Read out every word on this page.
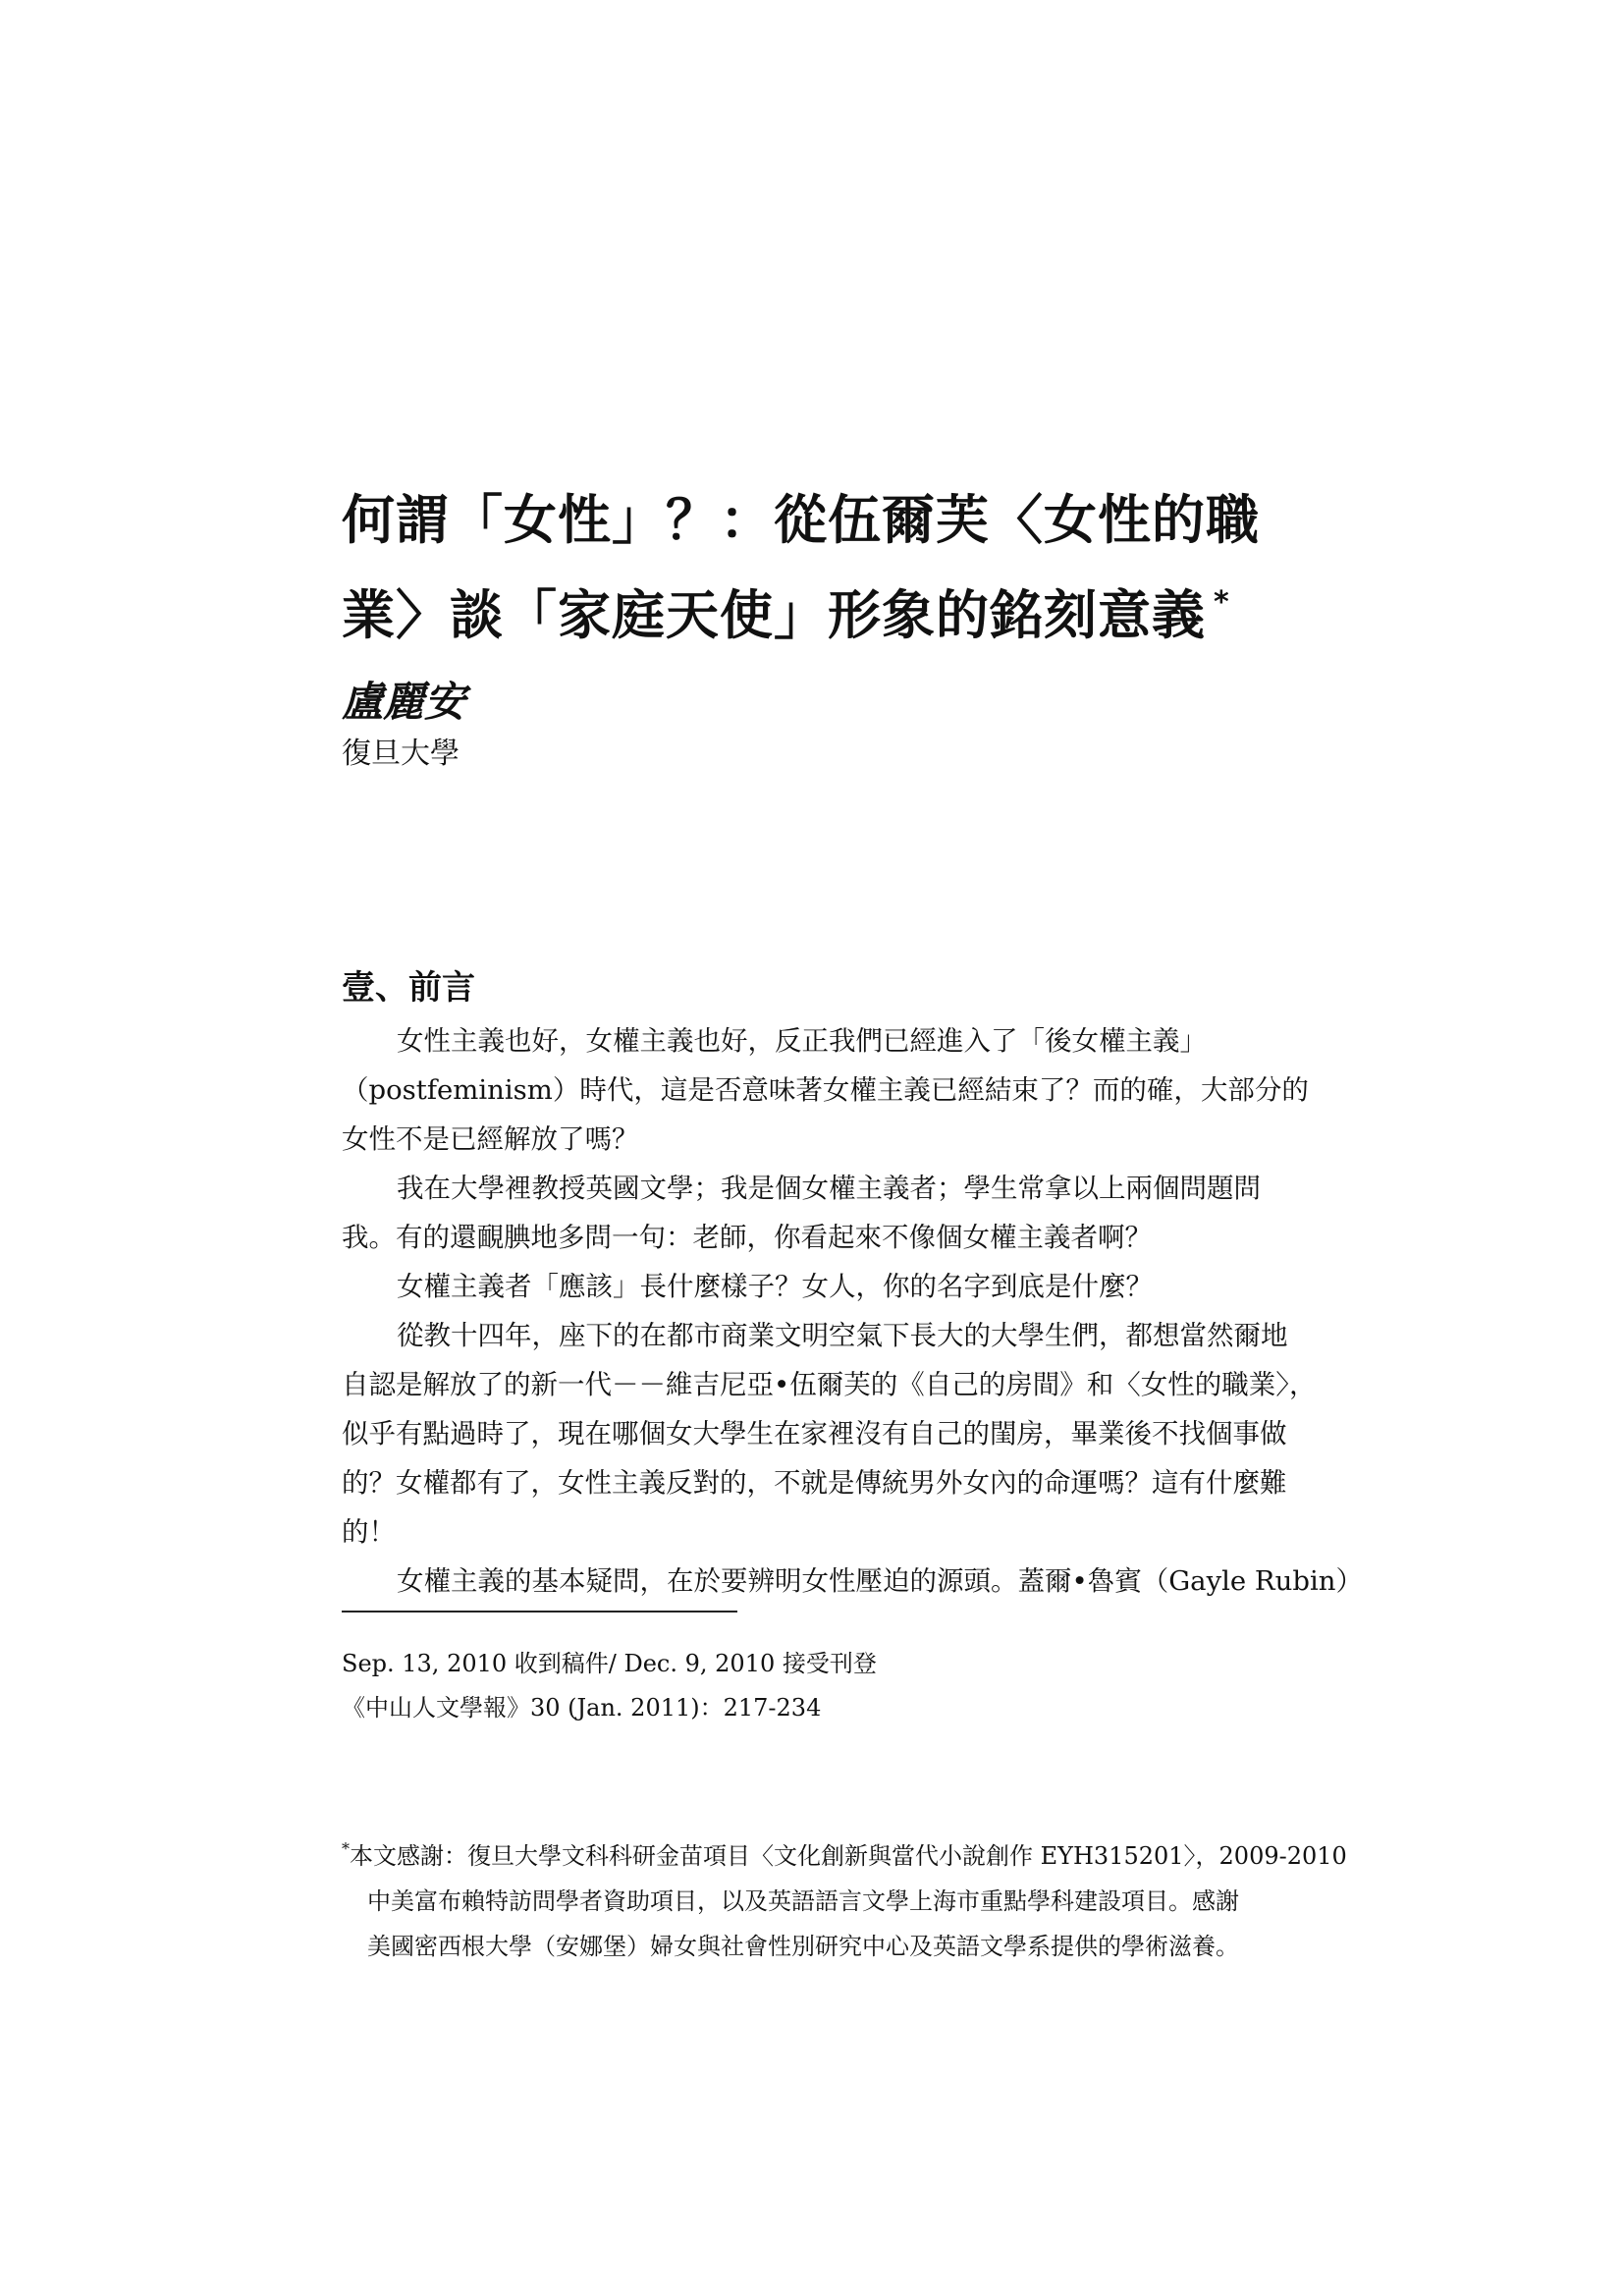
何謂「女性」？：從伍爾芙〈女性的職
業〉談「家庭天使」形象的銘刻意義 *
盧麗安
復旦大學
壹、前言
女性主義也好，女權主義也好，反正我們已經進入了「後女權主義」
（postfeminism）時代，這是否意味著女權主義已經結束了？而的確，大部分的
女性不是已經解放了嗎？
我在大學裡教授英國文學；我是個女權主義者；學生常拿以上兩個問題問
我。有的還靦腆地多問一句：老師，你看起來不像個女權主義者啊？
女權主義者「應該」長什麼樣子？女人，你的名字到底是什麼？
從教十四年，座下的在都市商業文明空氣下長大的大學生們，都想當然爾地
自認是解放了的新一代－－維吉尼亞•伍爾芙的《自己的房間》和〈女性的職業〉，
似乎有點過時了，現在哪個女大學生在家裡沒有自己的閨房，畢業後不找個事做
的？女權都有了，女性主義反對的，不就是傳統男外女內的命運嗎？這有什麼難
的！
女權主義的基本疑問，在於要辨明女性壓迫的源頭。蓋爾•魯賓（Gayle Rubin）
Sep. 13, 2010 收到稿件/ Dec. 9, 2010 接受刊登
《中山人文學報》30 (Jan. 2011)：217-234
*本文感謝：復旦大學文科科研金苗項目〈文化創新與當代小說創作 EYH315201〉，2009-2010
中美富布賴特訪問學者資助項目，以及英語語言文學上海市重點學科建設項目。感謝
美國密西根大學（安娜堡）婦女與社會性別研究中心及英語文學系提供的學術滋養。
